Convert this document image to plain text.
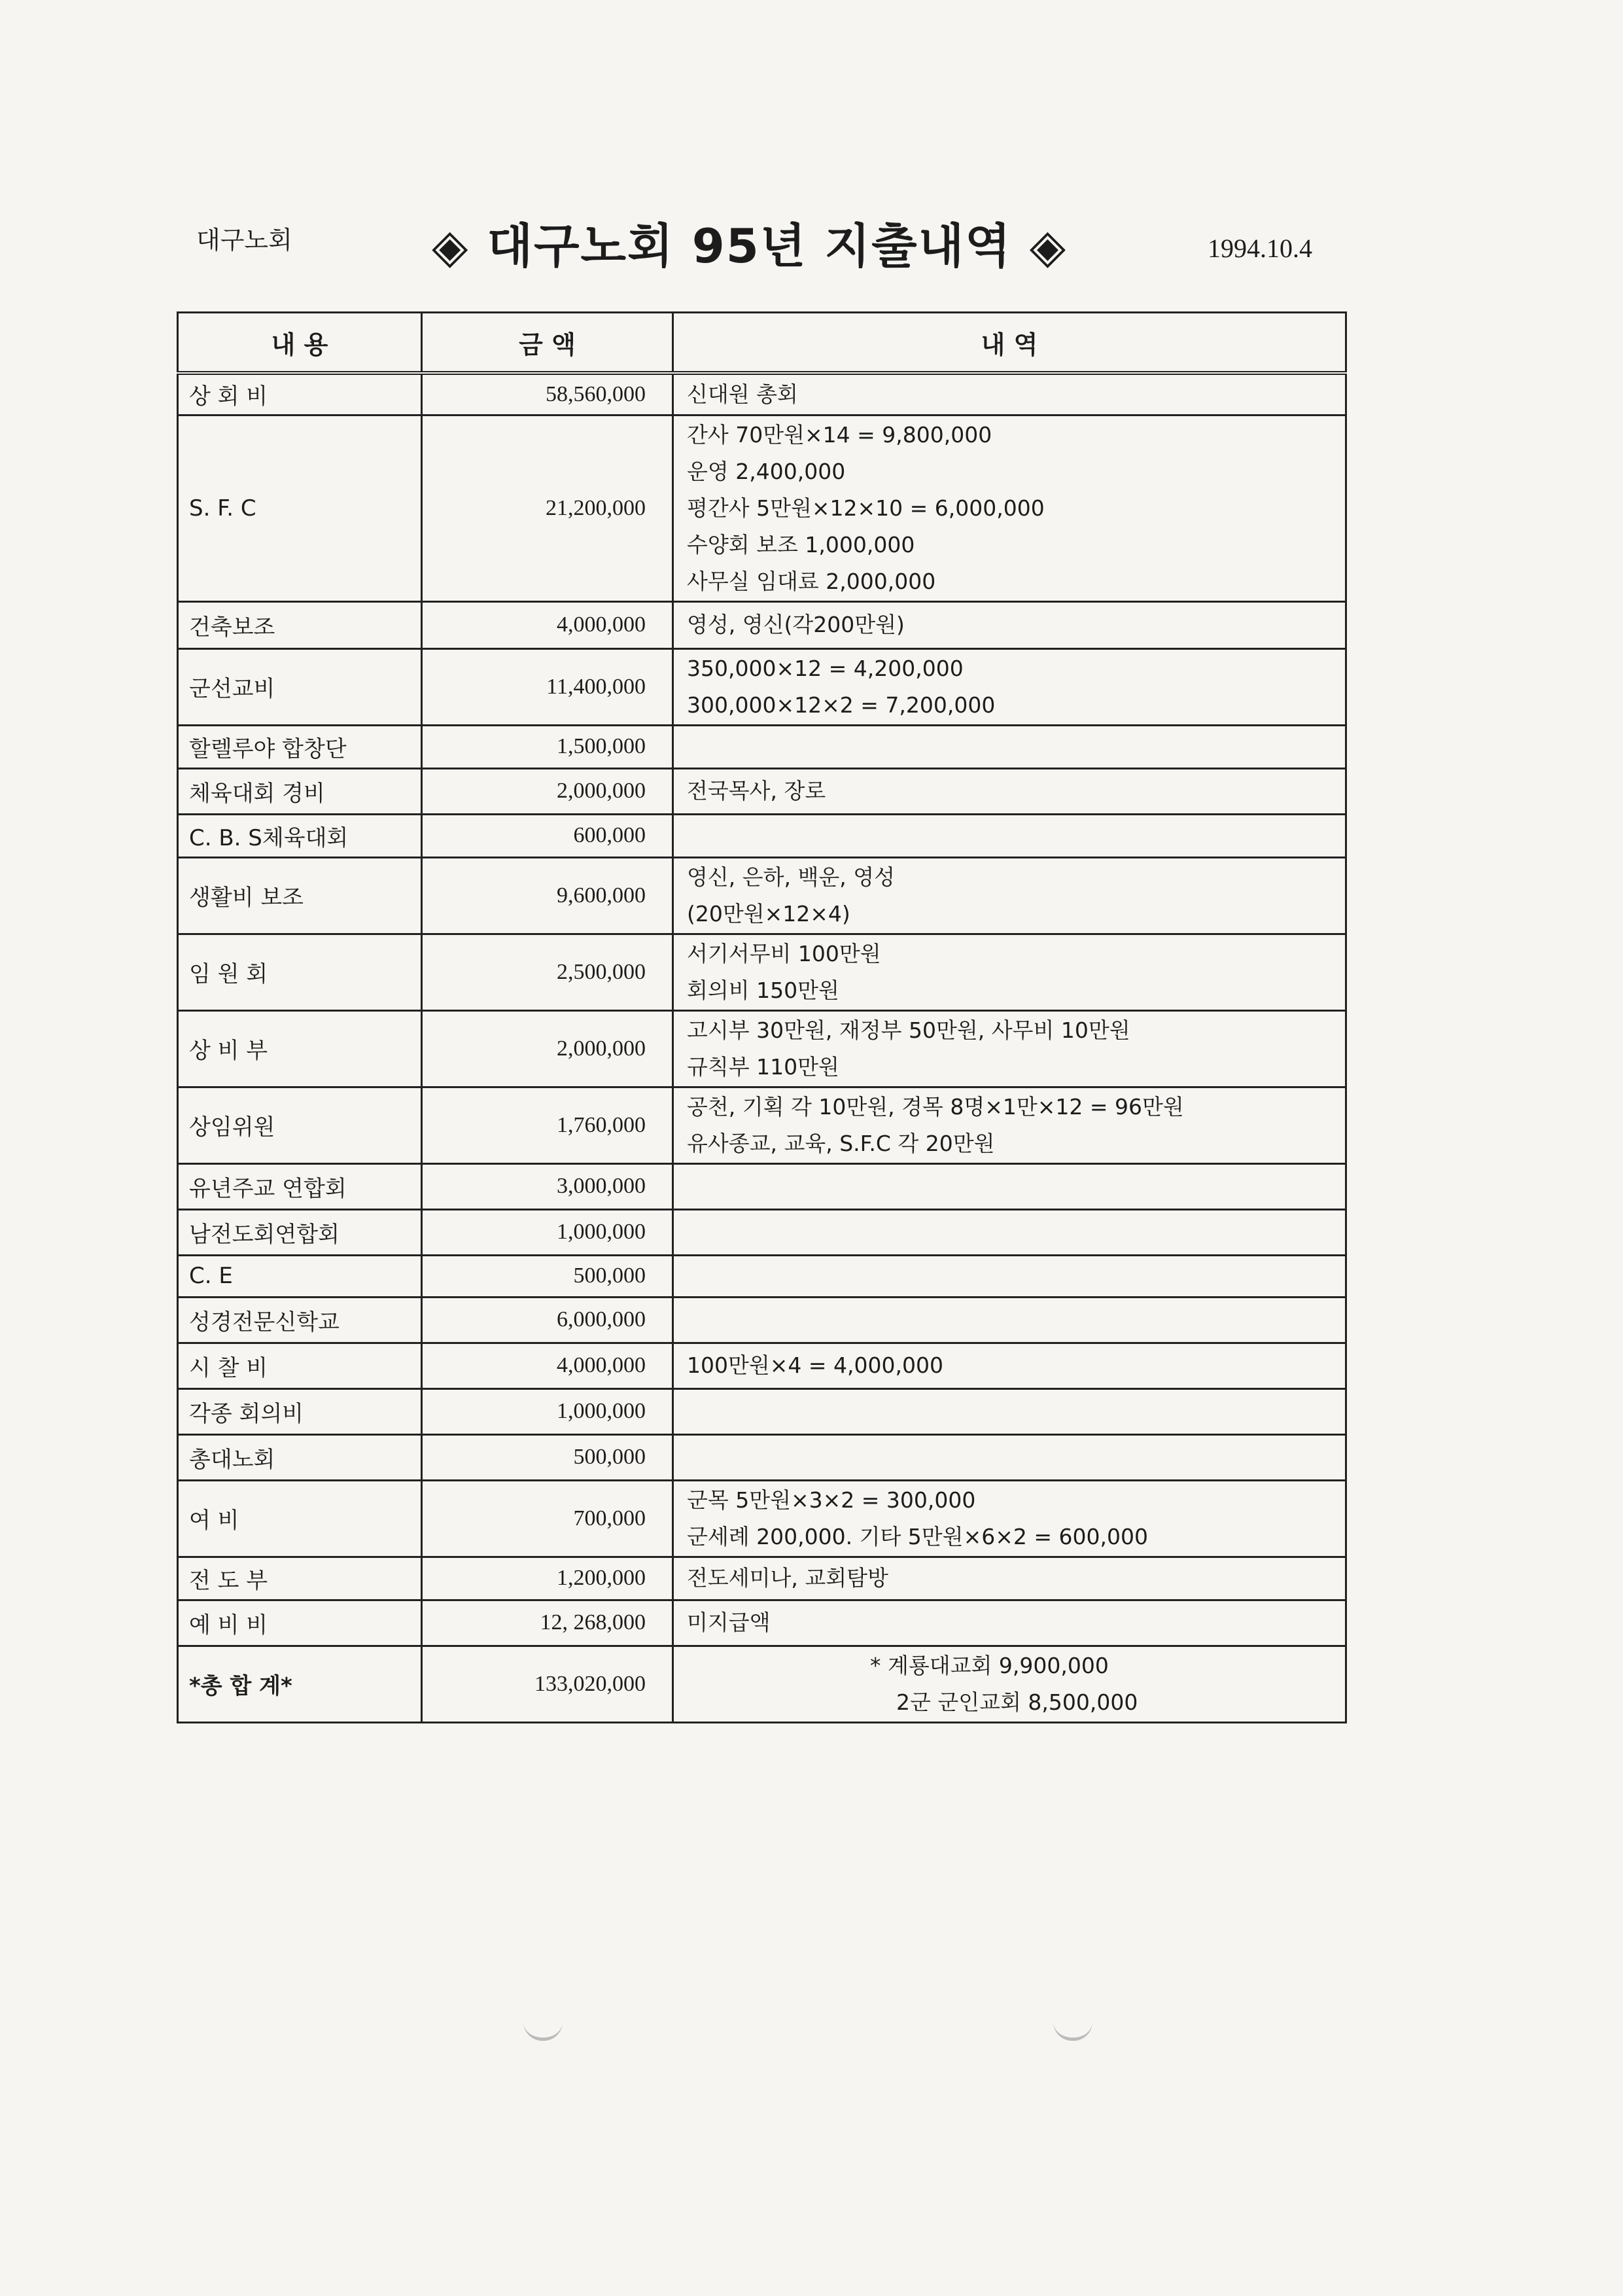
대구노회	◈ 대구노회 95년 지출내역 ◈	1994.10.4
내 용	금 액	내 역
상 회 비	58,560,000	신대원 총회

S. F. C	21,200,000	간사 70만원×14 = 9,800,000
운영 2,400,000
평간사 5만원×12×10 = 6,000,000
수양회 보조 1,000,000
사무실 임대료 2,000,000

건축보조	4,000,000	영성, 영신(각200만원)

군선교비	11,400,000	350,000×12 = 4,200,000
300,000×12×2 = 7,200,000

할렐루야 합창단	1,500,000	
체육대회 경비	2,000,000	전국목사, 장로

C. B. S체육대회	600,000	
생활비 보조	9,600,000	영신, 은하, 백운, 영성
(20만원×12×4)

임 원 회	2,500,000	서기서무비 100만원
회의비 150만원

상 비 부	2,000,000	고시부 30만원, 재정부 50만원, 사무비 10만원
규칙부 110만원

상임위원	1,760,000	공천, 기획 각 10만원, 경목 8명×1만×12 = 96만원
유사종교, 교육, S.F.C 각 20만원

유년주교 연합회	3,000,000	
남전도회연합회	1,000,000	
C. E	500,000	
성경전문신학교	6,000,000	
시 찰 비	4,000,000	100만원×4 = 4,000,000

각종 회의비	1,000,000	
총대노회	500,000	
여 비	700,000	군목 5만원×3×2 = 300,000
군세례 200,000. 기타 5만원×6×2 = 600,000

전 도 부	1,200,000	전도세미나, 교회탐방

예 비 비	12, 268,000	미지급액

*총 합 계*	133,020,000	* 계룡대교회 9,900,000
2군 군인교회 8,500,000
